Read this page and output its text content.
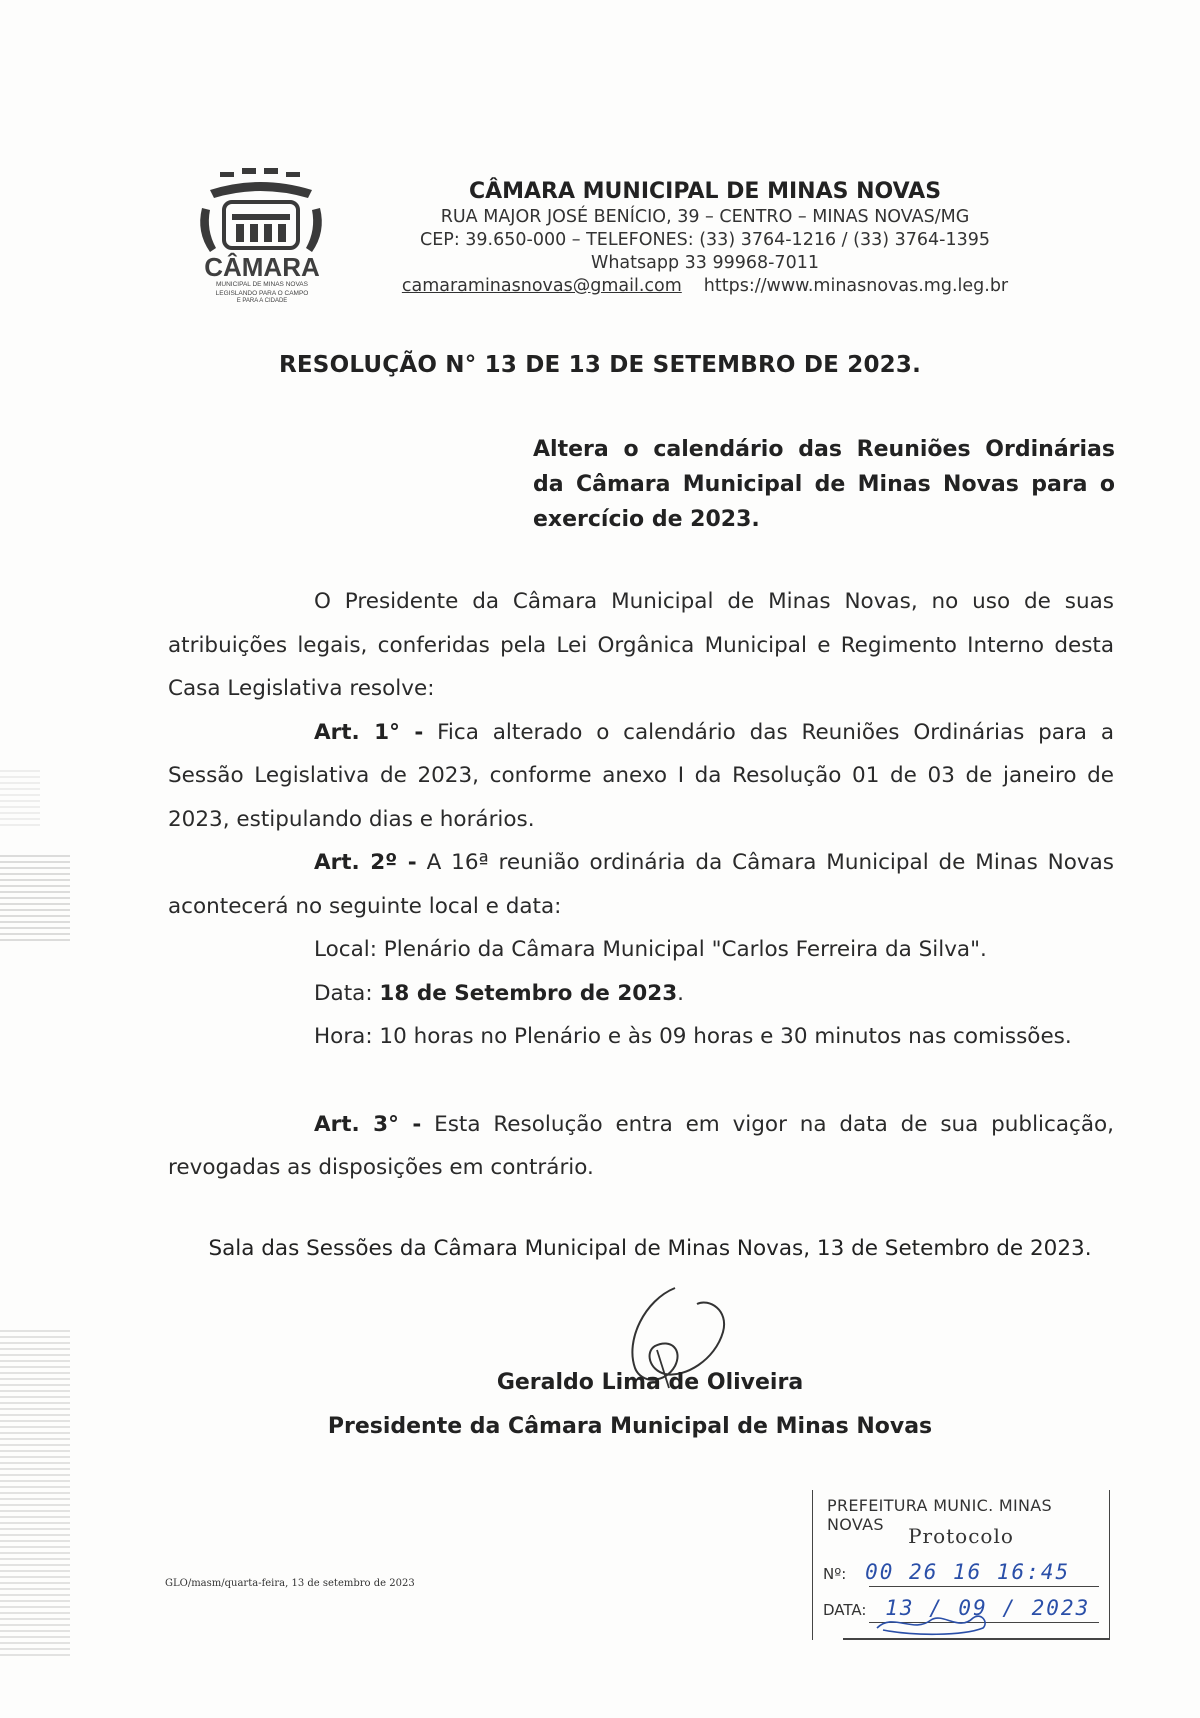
CÂMARA
MUNICIPAL DE MINAS NOVAS
LEGISLANDO PARA O CAMPO
E PARA A CIDADE
CÂMARA MUNICIPAL DE MINAS NOVAS
RUA MAJOR JOSÉ BENÍCIO, 39 – CENTRO – MINAS NOVAS/MG
CEP: 39.650-000 – TELEFONES: (33) 3764-1216 / (33) 3764-1395
Whatsapp 33 99968-7011
camaraminasnovas@gmail.com https://www.minasnovas.mg.leg.br
RESOLUÇÃO N° 13 DE 13 DE SETEMBRO DE 2023.
Altera o calendário das Reuniões Ordinárias da Câmara Municipal de Minas Novas para o exercício de 2023.

O Presidente da Câmara Municipal de Minas Novas, no uso de suas atribuições legais, conferidas pela Lei Orgânica Municipal e Regimento Interno desta Casa Legislativa resolve:

Art. 1° - Fica alterado o calendário das Reuniões Ordinárias para a Sessão Legislativa de 2023, conforme anexo I da Resolução 01 de 03 de janeiro de 2023, estipulando dias e horários.

Art. 2º - A 16ª reunião ordinária da Câmara Municipal de Minas Novas acontecerá no seguinte local e data:

Local: Plenário da Câmara Municipal "Carlos Ferreira da Silva".

Data: 18 de Setembro de 2023.

Hora: 10 horas no Plenário e às 09 horas e 30 minutos nas comissões.

Art. 3° - Esta Resolução entra em vigor na data de sua publicação, revogadas as disposições em contrário.

Sala das Sessões da Câmara Municipal de Minas Novas, 13 de Setembro de 2023.
Geraldo Lima de Oliveira
Presidente da Câmara Municipal de Minas Novas
GLO/masm/quarta-feira, 13 de setembro de 2023
PREFEITURA MUNIC. MINAS NOVAS	Protocolo
Nº: 00 26 16 16:45
DATA: 13 / 09 / 2023
